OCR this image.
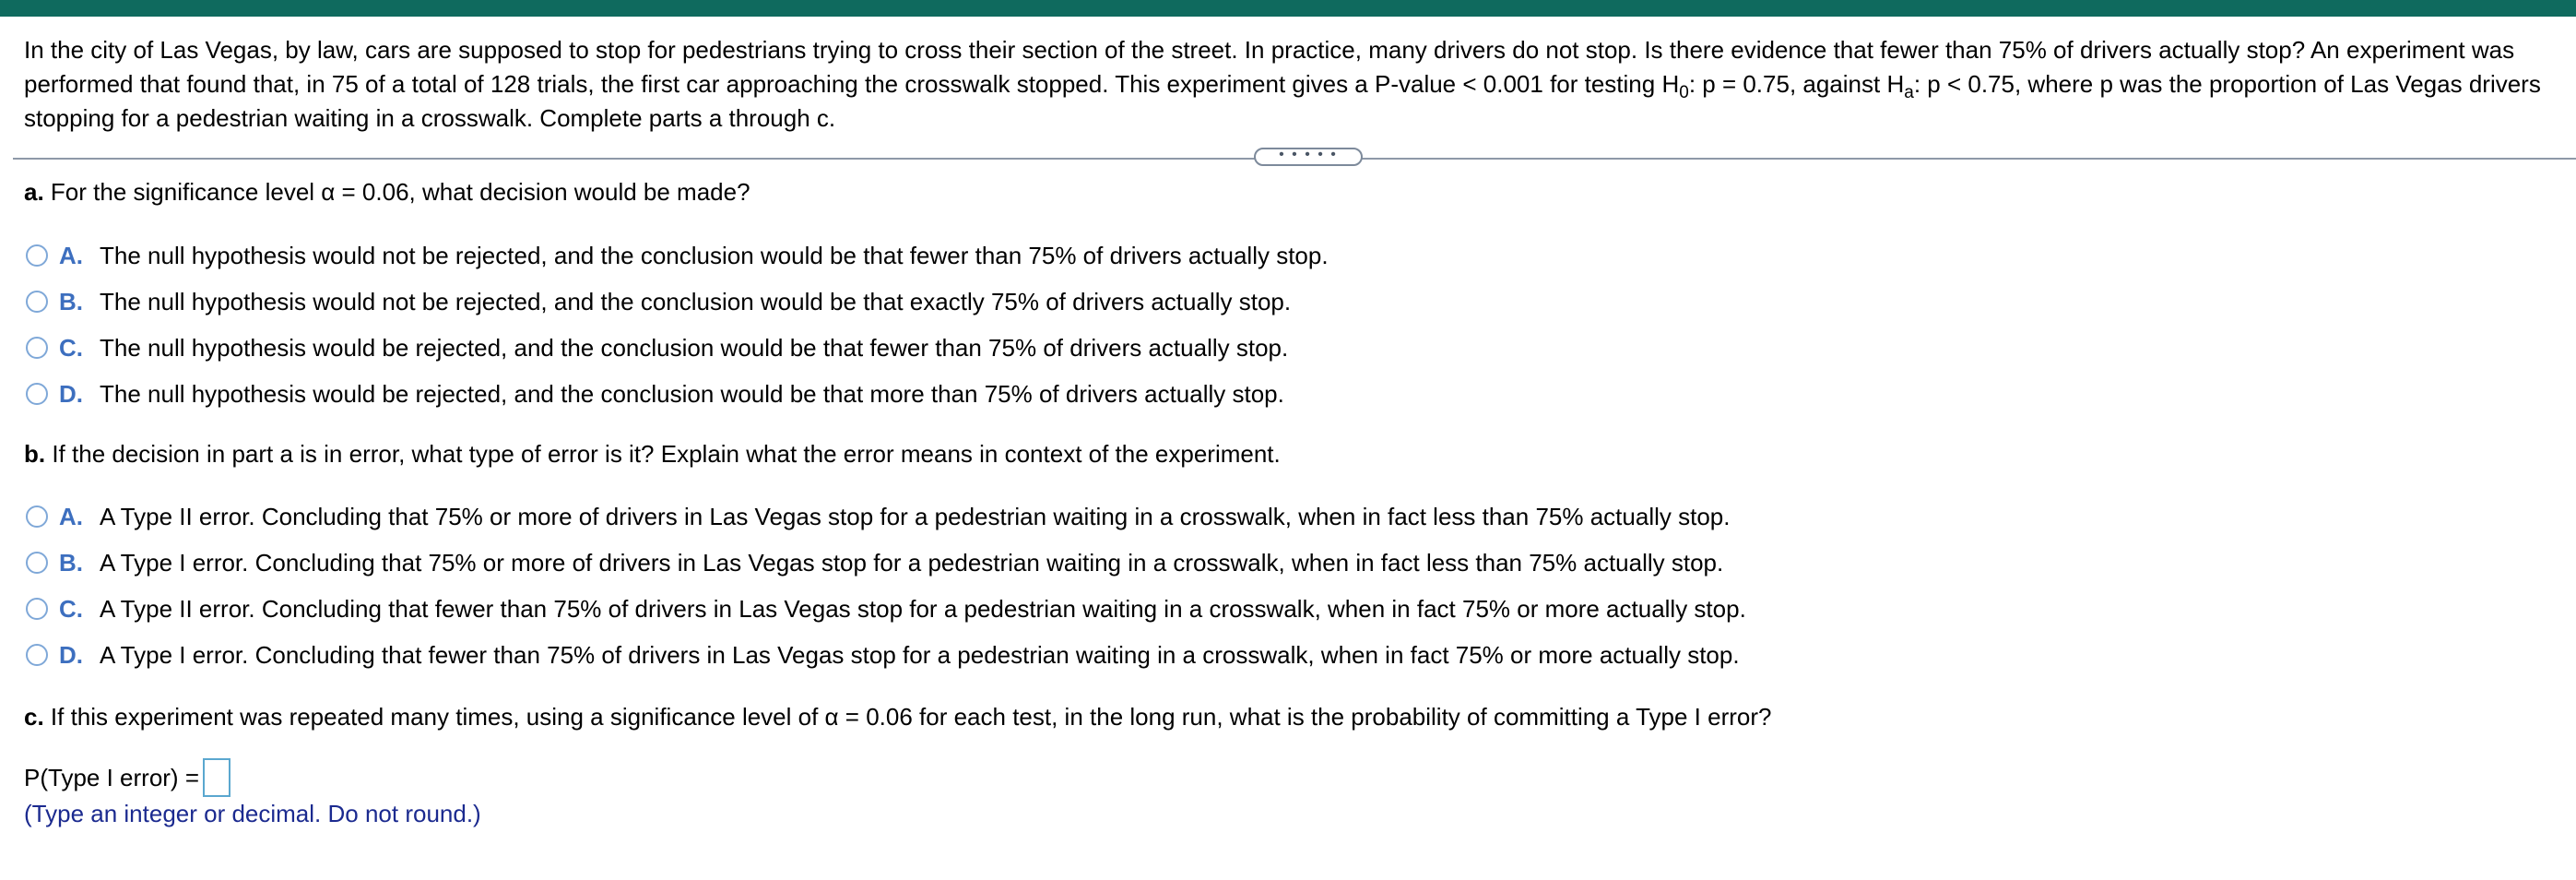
In the city of Las Vegas, by law, cars are supposed to stop for pedestrians trying to cross their section of the street. In practice, many drivers do not stop. Is there evidence that fewer than 75% of drivers actually stop? An experiment was performed that found that, in 75 of a total of 128 trials, the first car approaching the crosswalk stopped. This experiment gives a P-value < 0.001 for testing $H_0$: p = 0.75, against $H_a$: p < 0.75, where p was the proportion of Las Vegas drivers stopping for a pedestrian waiting in a crosswalk. Complete parts a through c.
• • • • •
a. For the significance level α = 0.06, what decision would be made?
A. The null hypothesis would not be rejected, and the conclusion would be that fewer than 75% of drivers actually stop.
B. The null hypothesis would not be rejected, and the conclusion would be that exactly 75% of drivers actually stop.
C. The null hypothesis would be rejected, and the conclusion would be that fewer than 75% of drivers actually stop.
D. The null hypothesis would be rejected, and the conclusion would be that more than 75% of drivers actually stop.
b. If the decision in part a is in error, what type of error is it? Explain what the error means in context of the experiment.
A. A Type II error. Concluding that 75% or more of drivers in Las Vegas stop for a pedestrian waiting in a crosswalk, when in fact less than 75% actually stop.
B. A Type I error. Concluding that 75% or more of drivers in Las Vegas stop for a pedestrian waiting in a crosswalk, when in fact less than 75% actually stop.
C. A Type II error. Concluding that fewer than 75% of drivers in Las Vegas stop for a pedestrian waiting in a crosswalk, when in fact 75% or more actually stop.
D. A Type I error. Concluding that fewer than 75% of drivers in Las Vegas stop for a pedestrian waiting in a crosswalk, when in fact 75% or more actually stop.
c. If this experiment was repeated many times, using a significance level of α = 0.06 for each test, in the long run, what is the probability of committing a Type I error?
P(Type I error) =
(Type an integer or decimal. Do not round.)
